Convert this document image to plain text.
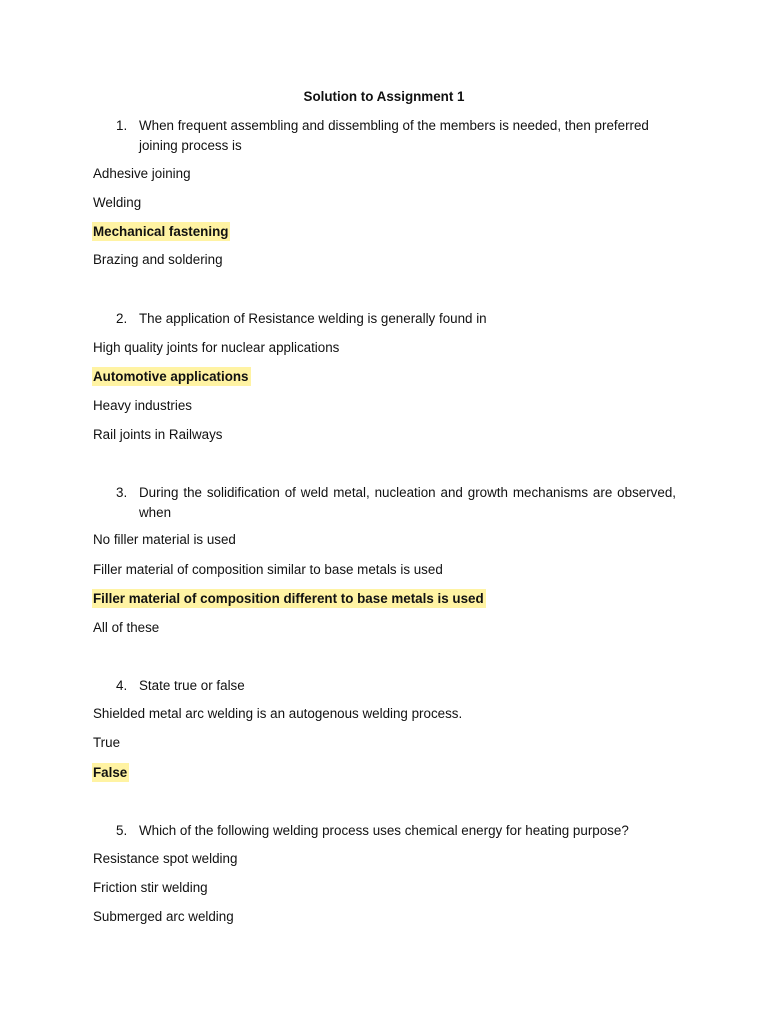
Solution to Assignment 1
1. When frequent assembling and dissembling of the members is needed, then preferred joining process is
Adhesive joining
Welding
Mechanical fastening
Brazing and soldering
2. The application of Resistance welding is generally found in
High quality joints for nuclear applications
Automotive applications
Heavy industries
Rail joints in Railways
3. During the solidification of weld metal, nucleation and growth mechanisms are observed, when
No filler material is used
Filler material of composition similar to base metals is used
Filler material of composition different to base metals is used
All of these
4. State true or false
Shielded metal arc welding is an autogenous welding process.
True
False
5. Which of the following welding process uses chemical energy for heating purpose?
Resistance spot welding
Friction stir welding
Submerged arc welding
